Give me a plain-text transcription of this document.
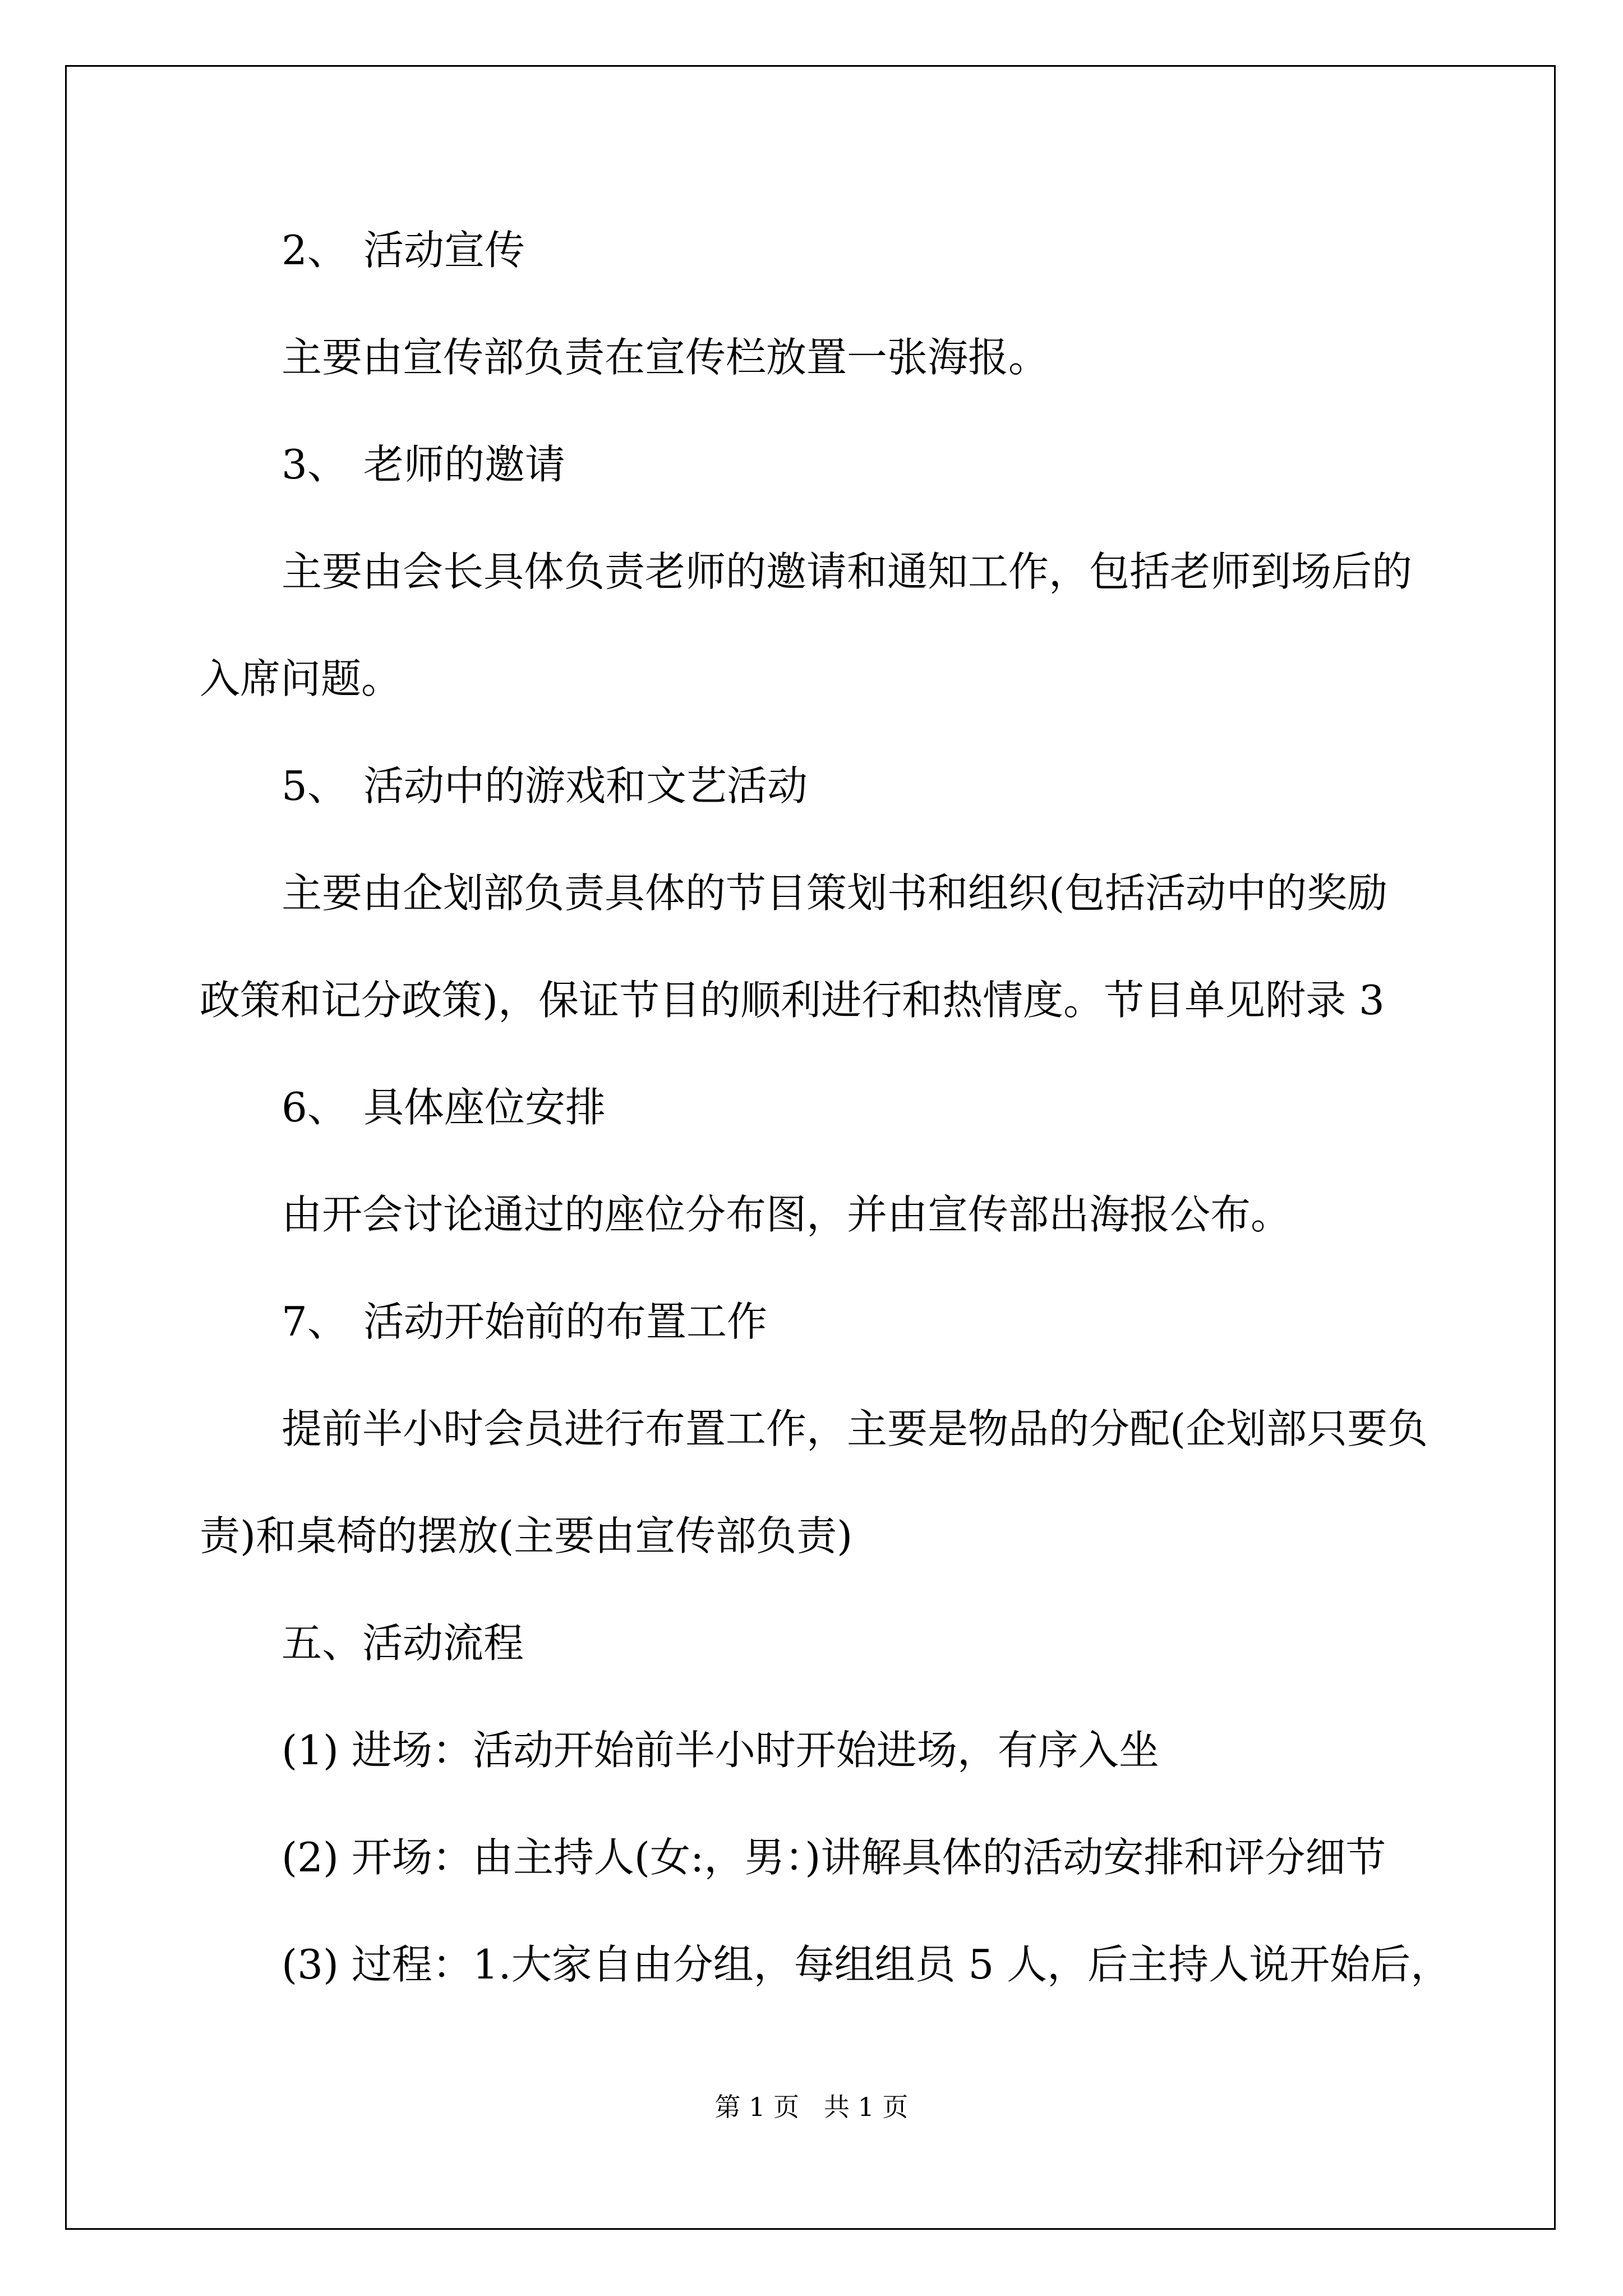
2、 活动宣传
主要由宣传部负责在宣传栏放置一张海报。
3、 老师的邀请
主要由会长具体负责老师的邀请和通知工作，包括老师到场后的
入席问题。
5、 活动中的游戏和文艺活动
主要由企划部负责具体的节目策划书和组织(包括活动中的奖励
政策和记分政策)，保证节目的顺利进行和热情度。节目单见附录 3
6、 具体座位安排
由开会讨论通过的座位分布图，并由宣传部出海报公布。
7、 活动开始前的布置工作
提前半小时会员进行布置工作，主要是物品的分配(企划部只要负
责)和桌椅的摆放(主要由宣传部负责)
五、活动流程
(1) 进场：活动开始前半小时开始进场，有序入坐
(2) 开场：由主持人(女:，男：)讲解具体的活动安排和评分细节
(3) 过程：1.大家自由分组，每组组员 5 人，后主持人说开始后，
第 1 页   共 1 页
